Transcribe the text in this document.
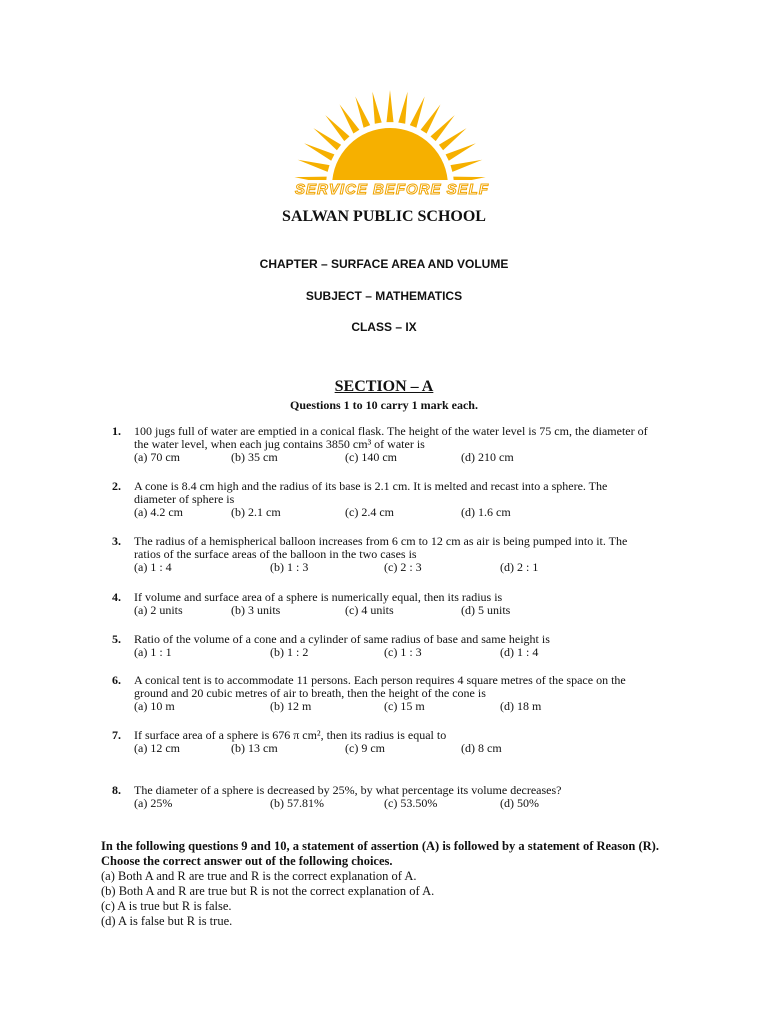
SERVICE BEFORE SELF
SALWAN PUBLIC SCHOOL
CHAPTER – SURFACE AREA AND VOLUME
SUBJECT – MATHEMATICS
CLASS – IX
SECTION – A
Questions 1 to 10 carry 1 mark each.
1. 100 jugs full of water are emptied in a conical flask. The height of the water level is 75 cm, the diameter of the water level, when each jug contains 3850 cm³ of water is
(a) 70 cm	(b) 35 cm	(c) 140 cm	(d) 210 cm
2. A cone is 8.4 cm high and the radius of its base is 2.1 cm. It is melted and recast into a sphere. The diameter of sphere is
(a) 4.2 cm	(b) 2.1 cm	(c) 2.4 cm	(d) 1.6 cm
3. The radius of a hemispherical balloon increases from 6 cm to 12 cm as air is being pumped into it. The ratios of the surface areas of the balloon in the two cases is
(a) 1 : 4	(b) 1 : 3	(c) 2 : 3	(d) 2 : 1
4. If volume and surface area of a sphere is numerically equal, then its radius is
(a) 2 units	(b) 3 units	(c) 4 units	(d) 5 units
5. Ratio of the volume of a cone and a cylinder of same radius of base and same height is
(a) 1 : 1	(b) 1 : 2	(c) 1 : 3	(d) 1 : 4
6. A conical tent is to accommodate 11 persons. Each person requires 4 square metres of the space on the ground and 20 cubic metres of air to breath, then the height of the cone is
(a) 10 m	(b) 12 m	(c) 15 m	(d) 18 m
7. If surface area of a sphere is 676 π cm², then its radius is equal to
(a) 12 cm	(b) 13 cm	(c) 9 cm	(d) 8 cm
8. The diameter of a sphere is decreased by 25%, by what percentage its volume decreases?
(a) 25%	(b) 57.81%	(c) 53.50%	(d) 50%
In the following questions 9 and 10, a statement of assertion (A) is followed by a statement of Reason (R). Choose the correct answer out of the following choices.
(a) Both A and R are true and R is the correct explanation of A.
(b) Both A and R are true but R is not the correct explanation of A.
(c) A is true but R is false.
(d) A is false but R is true.
